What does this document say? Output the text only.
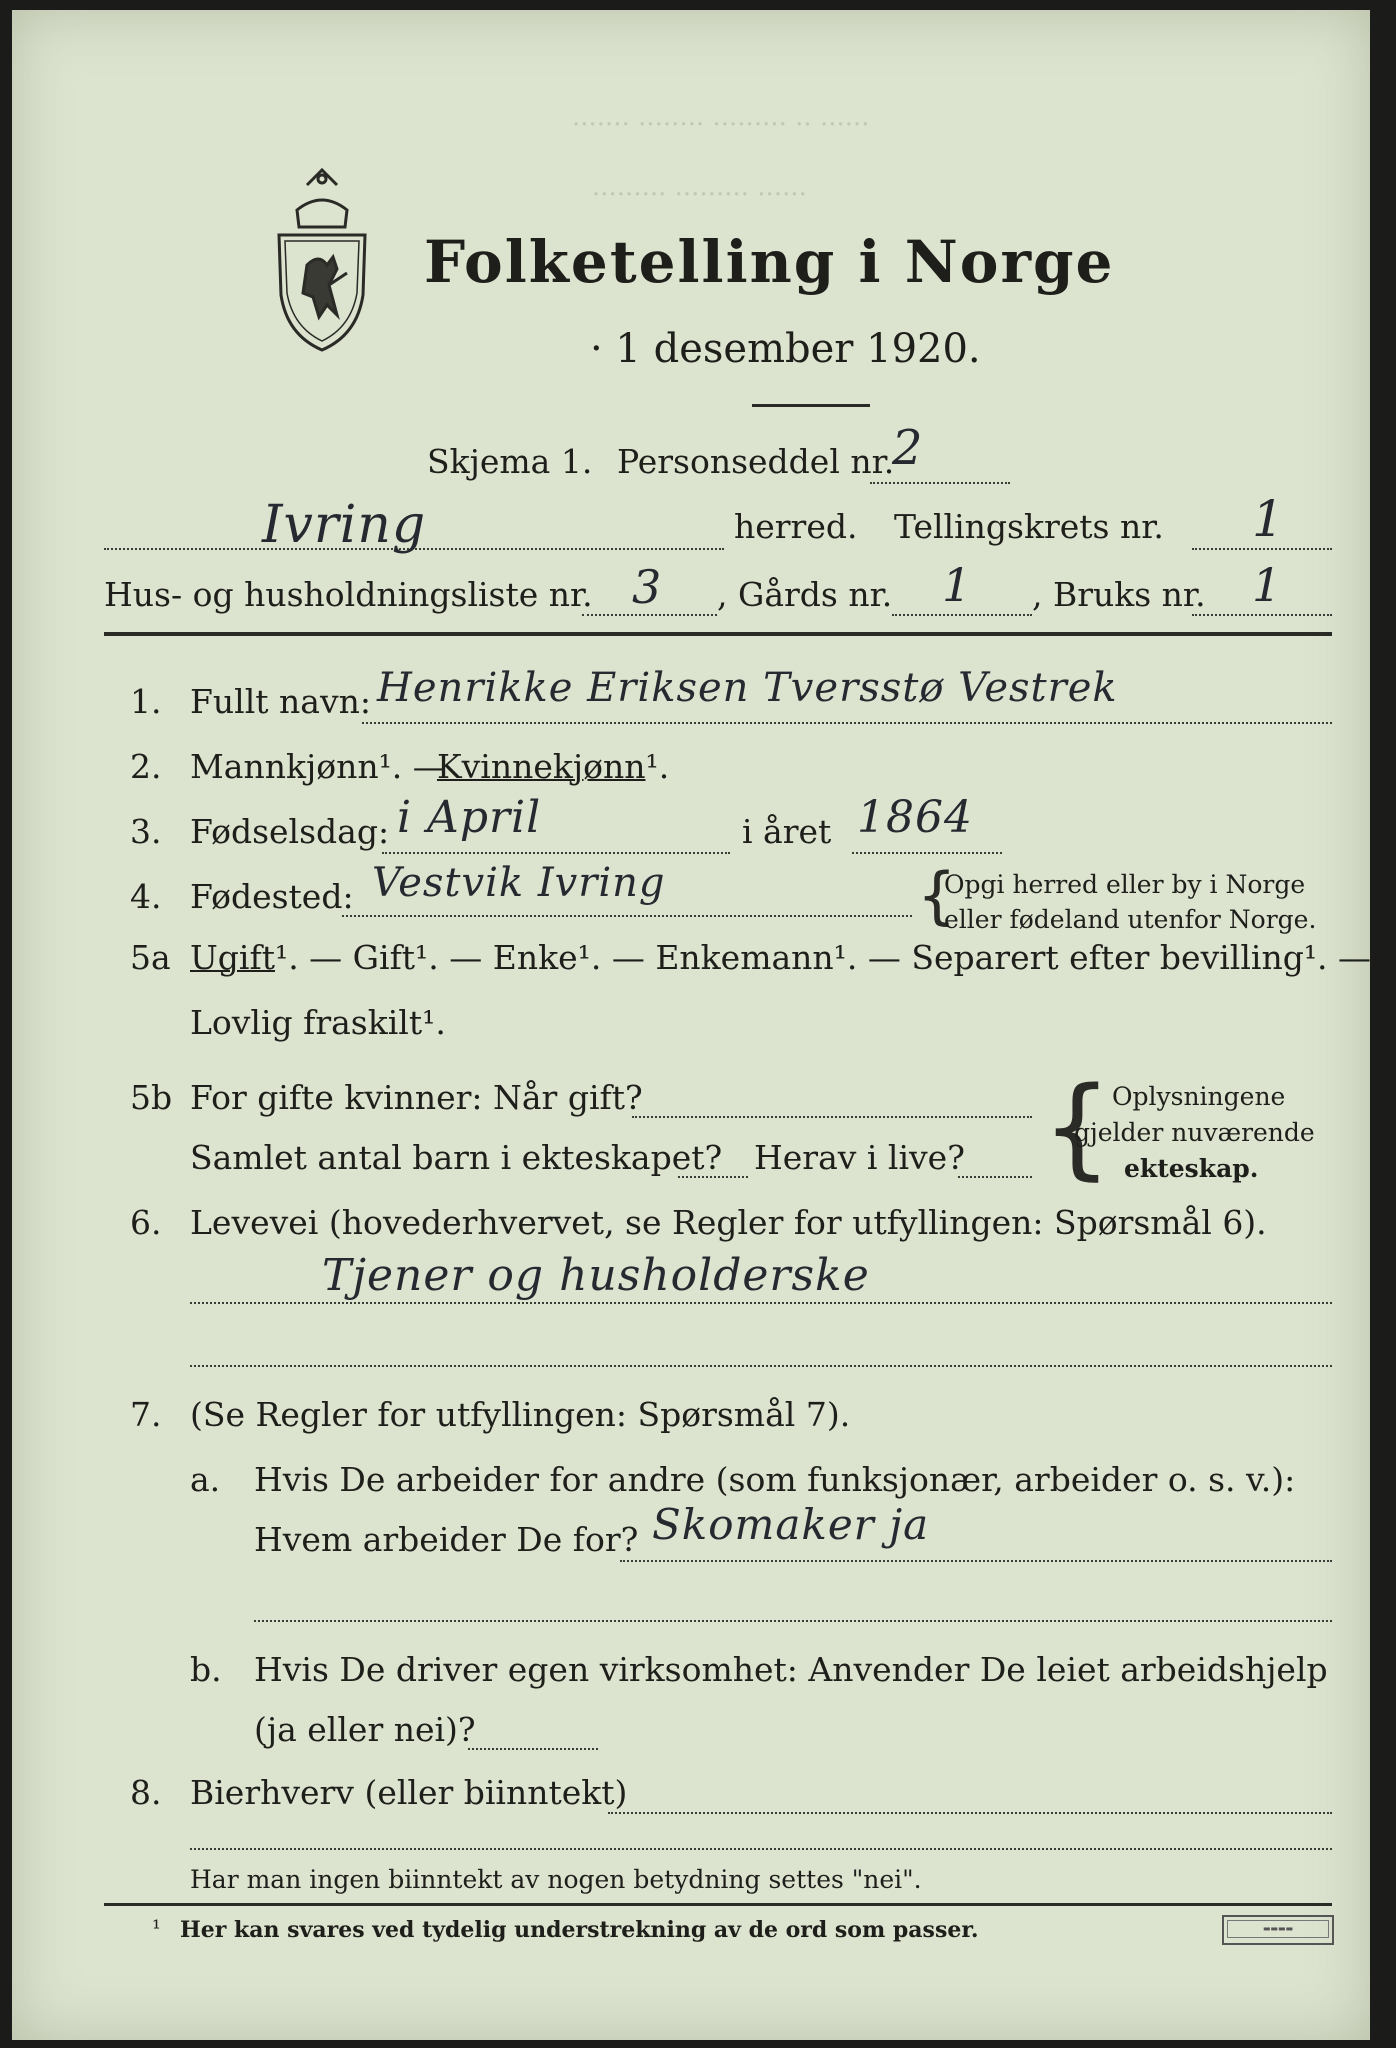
······· ········ ········· ·· ······
········· ········· ······
Folketelling i Norge
· 1 desember 1920.
Skjema 1. Personseddel nr.
2
Ivring	herred. Tellingskrets nr. 1
Hus- og husholdningsliste nr. 3 , Gårds nr. 1 , Bruks nr. 1
1. Fullt navn: Henrikke Eriksen Tversstø Vestrek
2. Mannkjønn¹. —
Kvinnekjønn¹.
3. Fødselsdag: i April	i året 1864
4. Fødested: Vestvik Ivring	{
Opgi herred eller by i Norge
eller fødeland utenfor Norge.
5a Ugift¹. — Gift¹. — Enke¹. — Enkemann¹. — Separert efter bevilling¹. —
Lovlig fraskilt¹.
5b For gifte kvinner: Når gift?
Samlet antal barn i ekteskapet? Herav i live? { Oplysningene
gjelder nuværende
ekteskap.
6. Levevei (hovederhvervet, se Regler for utfyllingen: Spørsmål 6).
Tjener og husholderske
7. (Se Regler for utfyllingen: Spørsmål 7).
a. Hvis De arbeider for andre (som funksjonær, arbeider o. s. v.):
Hvem arbeider De for? Skomaker ja
b. Hvis De driver egen virksomhet: Anvender De leiet arbeidshjelp
(ja eller nei)?
8. Bierhverv (eller biinntekt)
Har man ingen biinntekt av nogen betydning settes "nei".
¹ Her kan svares ved tydelig understrekning av de ord som passer.	▬▬▬▬
